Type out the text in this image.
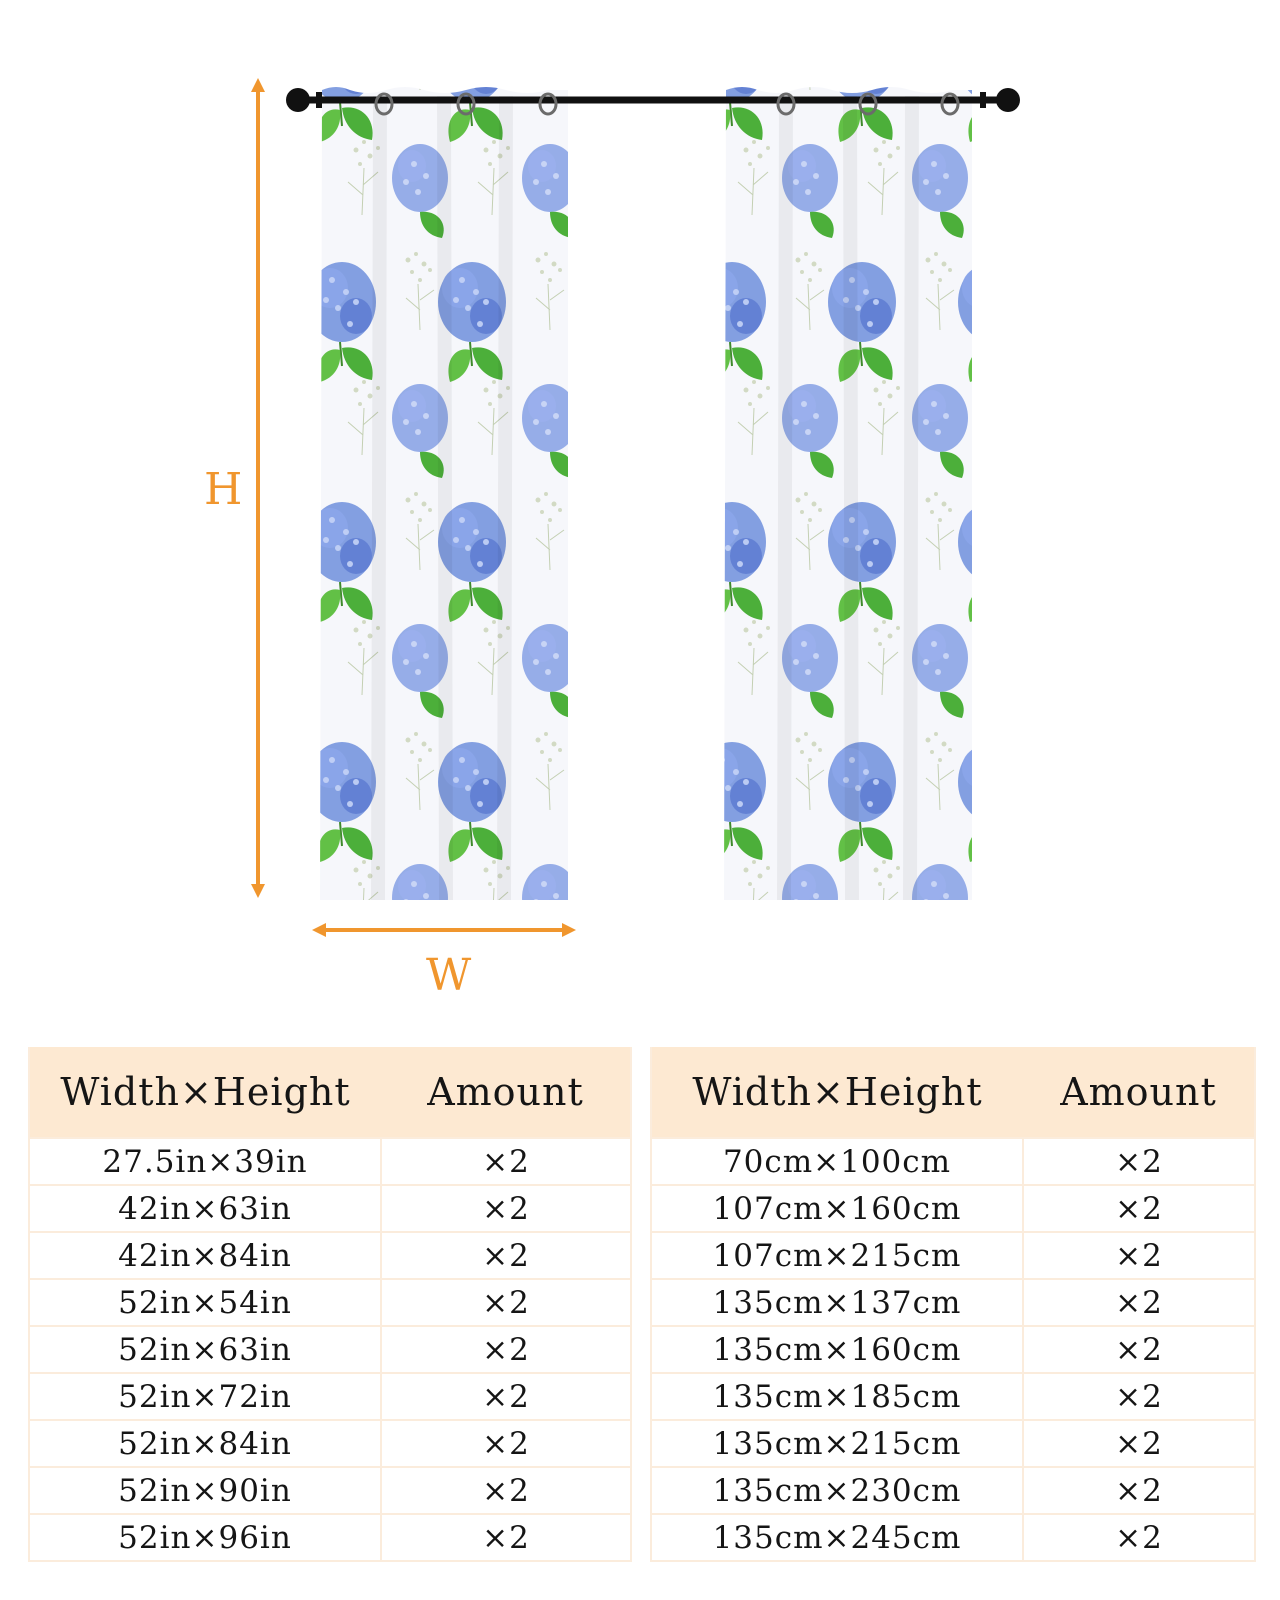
H
W
Width×Height	Amount
27.5in×39in	×2
42in×63in	×2
42in×84in	×2
52in×54in	×2
52in×63in	×2
52in×72in	×2
52in×84in	×2
52in×90in	×2
52in×96in	×2
Width×Height	Amount
70cm×100cm	×2
107cm×160cm	×2
107cm×215cm	×2
135cm×137cm	×2
135cm×160cm	×2
135cm×185cm	×2
135cm×215cm	×2
135cm×230cm	×2
135cm×245cm	×2
